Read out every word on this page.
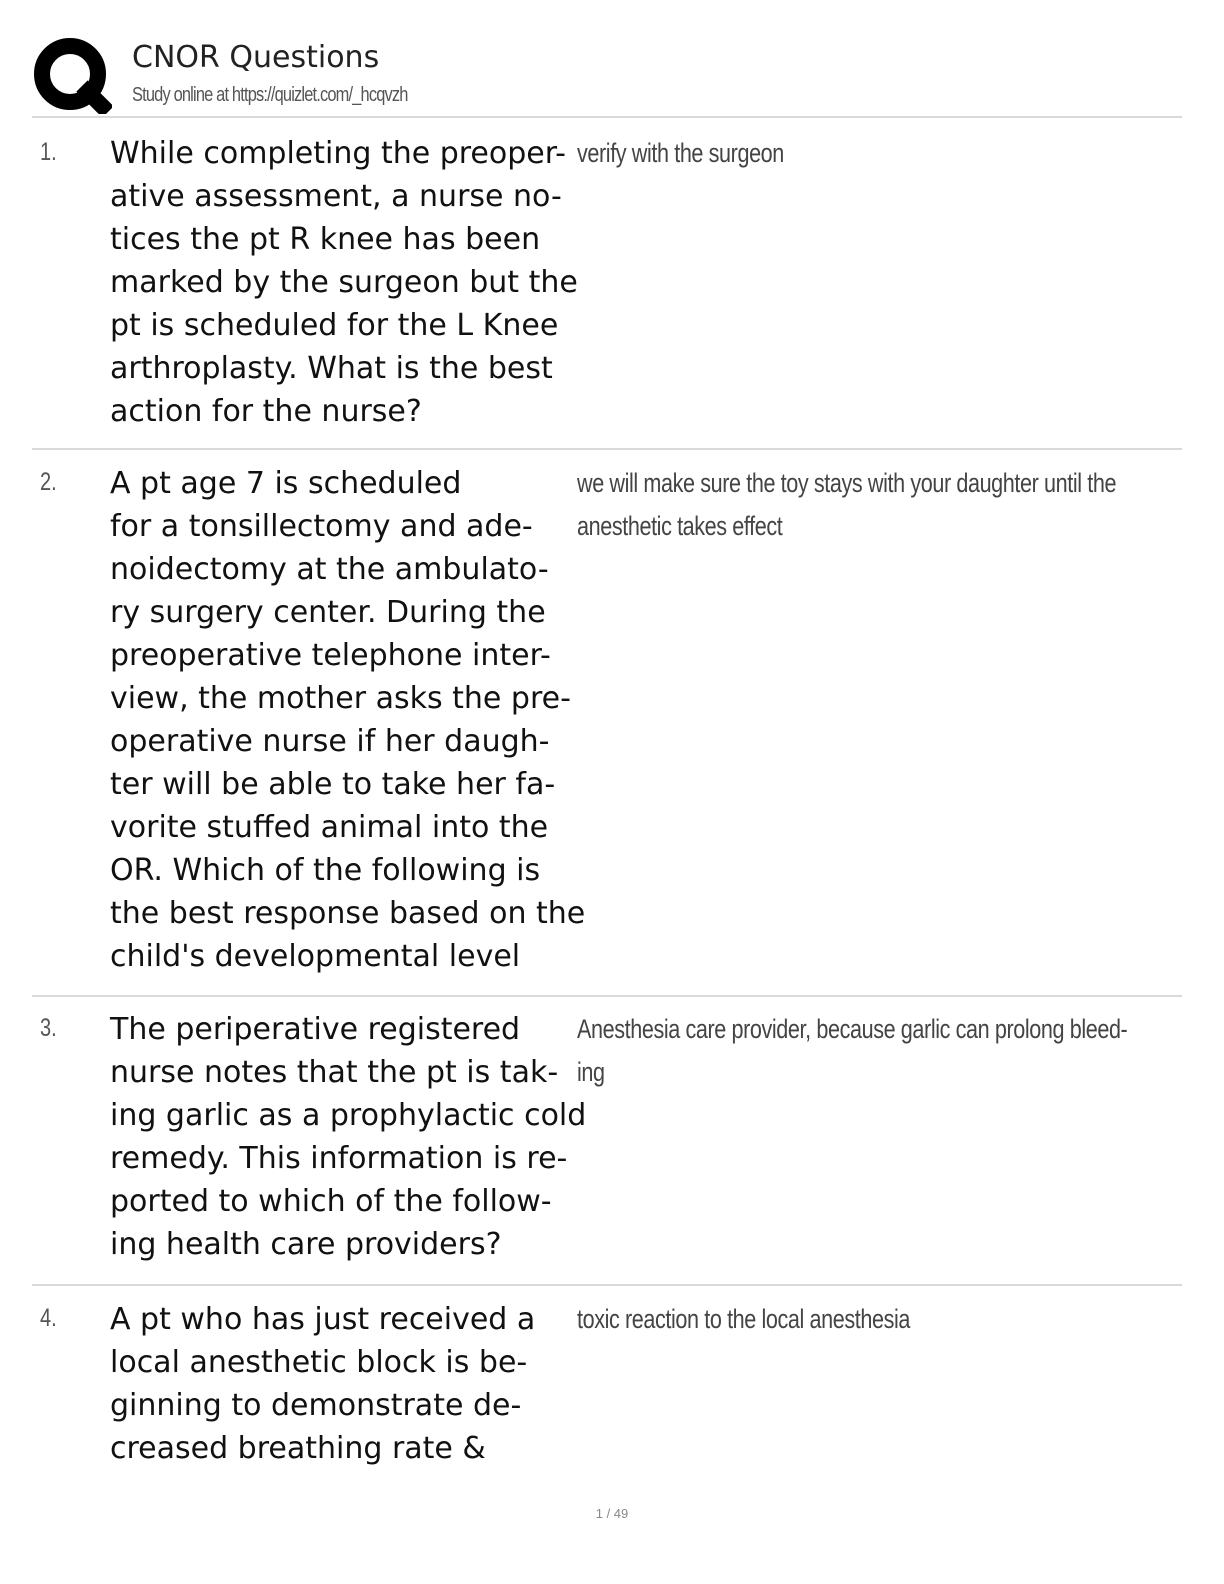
CNOR Questions
Study online at https://quizlet.com/_hcqvzh
1. While completing the preoper-
ative assessment, a nurse no-
tices the pt R knee has been
marked by the surgeon but the
pt is scheduled for the L Knee
arthroplasty. What is the best
action for the nurse?
verify with the surgeon
2. A pt age 7 is scheduled
for a tonsillectomy and ade-
noidectomy at the ambulato-
ry surgery center. During the
preoperative telephone inter-
view, the mother asks the pre-
operative nurse if her daugh-
ter will be able to take her fa-
vorite stuffed animal into the
OR. Which of the following is
the best response based on the
child's developmental level
we will make sure the toy stays with your daughter until the
anesthetic takes effect
3. The periperative registered
nurse notes that the pt is tak-
ing garlic as a prophylactic cold
remedy. This information is re-
ported to which of the follow-
ing health care providers?
Anesthesia care provider, because garlic can prolong bleed-
ing
4. A pt who has just received a
local anesthetic block is be-
ginning to demonstrate de-
creased breathing rate &
toxic reaction to the local anesthesia
1 / 49
